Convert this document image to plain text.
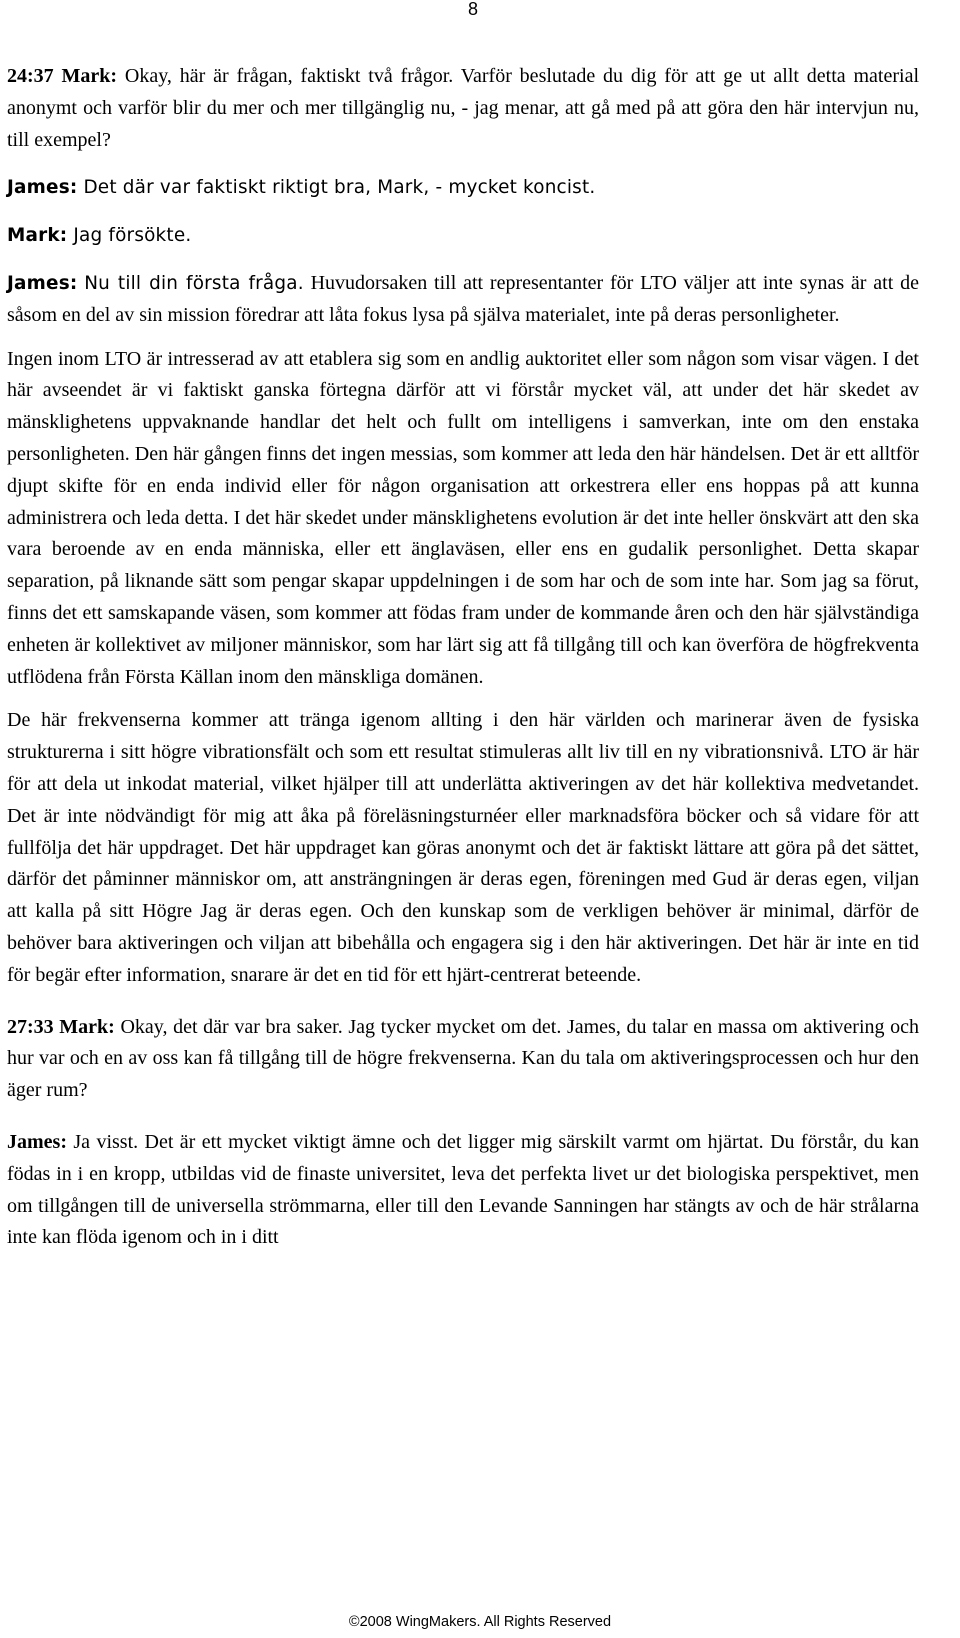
8

24:37 Mark: Okay, här är frågan, faktiskt två frågor. Varför beslutade du dig för att ge ut allt detta material anonymt och varför blir du mer och mer tillgänglig nu, - jag menar, att gå med på att göra den här intervjun nu, till exempel?

James: Det där var faktiskt riktigt bra, Mark, - mycket koncist.

Mark: Jag försökte.

James: Nu till din första fråga. Huvudorsaken till att representanter för LTO väljer att inte synas är att de såsom en del av sin mission föredrar att låta fokus lysa på själva materialet, inte på deras personligheter.

Ingen inom LTO är intresserad av att etablera sig som en andlig auktoritet eller som någon som visar vägen. I det här avseendet är vi faktiskt ganska förtegna därför att vi förstår mycket väl, att under det här skedet av mänsklighetens uppvaknande handlar det helt och fullt om intelligens i samverkan, inte om den enstaka personligheten. Den här gången finns det ingen messias, som kommer att leda den här händelsen. Det är ett alltför djupt skifte för en enda individ eller för någon organisation att orkestrera eller ens hoppas på att kunna administrera och leda detta. I det här skedet under mänsklighetens evolution är det inte heller önskvärt att den ska vara beroende av en enda människa, eller ett änglaväsen, eller ens en gudalik personlighet. Detta skapar separation, på liknande sätt som pengar skapar uppdelningen i de som har och de som inte har. Som jag sa förut, finns det ett samskapande väsen, som kommer att födas fram under de kommande åren och den här självständiga enheten är kollektivet av miljoner människor, som har lärt sig att få tillgång till och kan överföra de högfrekventa utflödena från Första Källan inom den mänskliga domänen.

De här frekvenserna kommer att tränga igenom allting i den här världen och marinerar även de fysiska strukturerna i sitt högre vibrationsfält och som ett resultat stimuleras allt liv till en ny vibrationsnivå. LTO är här för att dela ut inkodat material, vilket hjälper till att underlätta aktiveringen av det här kollektiva medvetandet. Det är inte nödvändigt för mig att åka på föreläsningsturnéer eller marknadsföra böcker och så vidare för att fullfölja det här uppdraget. Det här uppdraget kan göras anonymt och det är faktiskt lättare att göra på det sättet, därför det påminner människor om, att ansträngningen är deras egen, föreningen med Gud är deras egen, viljan att kalla på sitt Högre Jag är deras egen. Och den kunskap som de verkligen behöver är minimal, därför de behöver bara aktiveringen och viljan att bibehålla och engagera sig i den här aktiveringen. Det här är inte en tid för begär efter information, snarare är det en tid för ett hjärt-centrerat beteende.

27:33 Mark: Okay, det där var bra saker. Jag tycker mycket om det. James, du talar en massa om aktivering och hur var och en av oss kan få tillgång till de högre frekvenserna. Kan du tala om aktiveringsprocessen och hur den äger rum?

James: Ja visst. Det är ett mycket viktigt ämne och det ligger mig särskilt varmt om hjärtat. Du förstår, du kan födas in i en kropp, utbildas vid de finaste universitet, leva det perfekta livet ur det biologiska perspektivet, men om tillgången till de universella strömmarna, eller till den Levande Sanningen har stängts av och de här strålarna inte kan flöda igenom och in i ditt

©2008 WingMakers. All Rights Reserved
